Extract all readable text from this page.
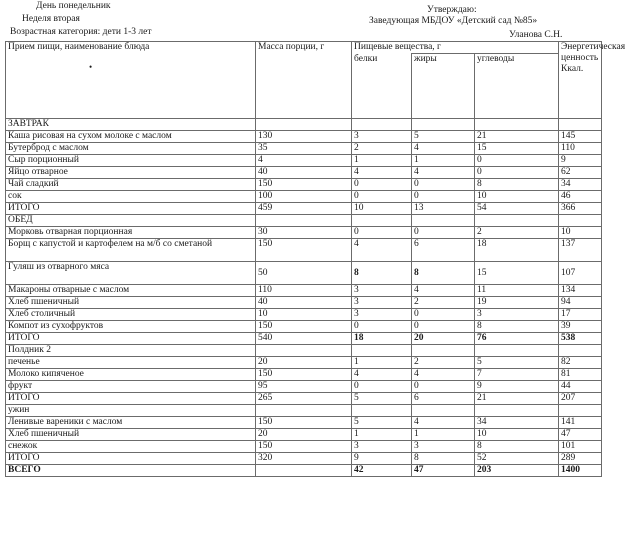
День понедельник
Неделя вторая
Возрастная категория: дети 1-3 лет
Утверждаю:
Заведующая МБДОУ «Детский сад №85»
Уланова С.Н.
Прием пищи, наименование блюда	Масса порции, г	Пищевые вещества, г			Энергетическая ценность Ккал.
		белки	жиры	углеводы	
ЗАВТРАК					
Каша рисовая на сухом молоке с маслом	130	3	5	21	145
Бутерброд с маслом	35	2	4	15	110
Сыр порционный	4	1	1	0	9
Яйцо отварное	40	4	4	0	62
Чай сладкий	150	0	0	8	34
сок	100	0	0	10	46
ИТОГО	459	10	13	54	366
ОБЕД					
Морковь отварная порционная	30	0	0	2	10
Борщ с капустой и картофелем на м/б со сметаной	150	4	6	18	137
Гуляш из отварного мяса	50	8	8	15	107
Макароны отварные с маслом	110	3	4	11	134
Хлеб пшеничный	40	3	2	19	94
Хлеб столичный	10	3	0	3	17
Компот из сухофруктов	150	0	0	8	39
ИТОГО	540	18	20	76	538
Полдник 2					
печенье	20	1	2	5	82
Молоко кипяченое	150	4	4	7	81
фрукт	95	0	0	9	44
ИТОГО	265	5	6	21	207
ужин					
Ленивые вареники с маслом	150	5	4	34	141
Хлеб пшеничный	20	1	1	10	47
снежок	150	3	3	8	101
ИТОГО	320	9	8	52	289
ВСЕГО		42	47	203	1400
•
